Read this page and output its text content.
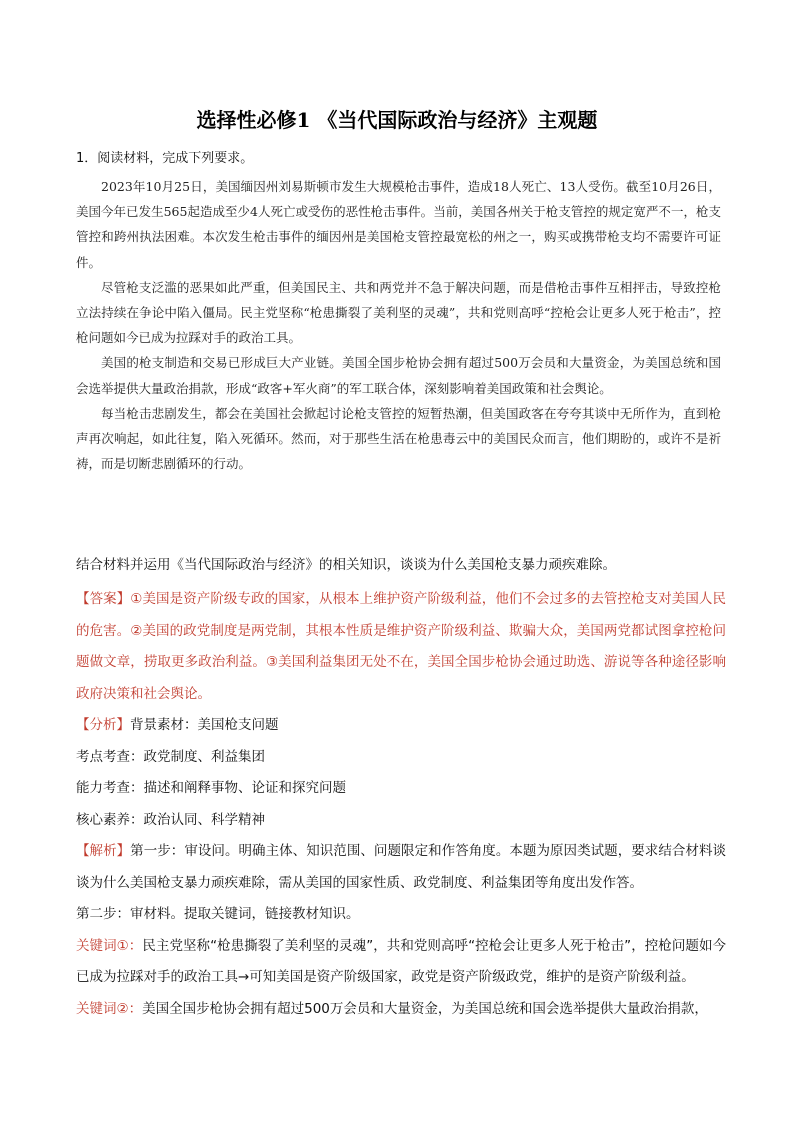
选择性必修1 《当代国际政治与经济》主观题
1．阅读材料，完成下列要求。

2023年10月25日，美国缅因州刘易斯顿市发生大规模枪击事件，造成18人死亡、13人受伤。截至10月26日，美国今年已发生565起造成至少4人死亡或受伤的恶性枪击事件。当前，美国各州关于枪支管控的规定宽严不一，枪支管控和跨州执法困难。本次发生枪击事件的缅因州是美国枪支管控最宽松的州之一，购买或携带枪支均不需要许可证件。

尽管枪支泛滥的恶果如此严重，但美国民主、共和两党并不急于解决问题，而是借枪击事件互相抨击，导致控枪立法持续在争论中陷入僵局。民主党坚称“枪患撕裂了美利坚的灵魂”，共和党则高呼“控枪会让更多人死于枪击”，控枪问题如今已成为拉踩对手的政治工具。

美国的枪支制造和交易已形成巨大产业链。美国全国步枪协会拥有超过500万会员和大量资金，为美国总统和国会选举提供大量政治捐款，形成“政客+军火商”的军工联合体，深刻影响着美国政策和社会舆论。

每当枪击悲剧发生，都会在美国社会掀起讨论枪支管控的短暂热潮，但美国政客在夸夸其谈中无所作为，直到枪声再次响起，如此往复，陷入死循环。然而，对于那些生活在枪患毒云中的美国民众而言，他们期盼的，或许不是祈祷，而是切断悲剧循环的行动。

结合材料并运用《当代国际政治与经济》的相关知识，谈谈为什么美国枪支暴力顽疾难除。

【答案】①美国是资产阶级专政的国家，从根本上维护资产阶级利益，他们不会过多的去管控枪支对美国人民的危害。②美国的政党制度是两党制，其根本性质是维护资产阶级利益、欺骗大众，美国两党都试图拿控枪问题做文章，捞取更多政治利益。③美国利益集团无处不在，美国全国步枪协会通过助选、游说等各种途径影响政府决策和社会舆论。

【分析】背景素材：美国枪支问题

考点考查：政党制度、利益集团

能力考查：描述和阐释事物、论证和探究问题

核心素养：政治认同、科学精神

【解析】第一步：审设问。明确主体、知识范围、问题限定和作答角度。本题为原因类试题，要求结合材料谈谈为什么美国枪支暴力顽疾难除，需从美国的国家性质、政党制度、利益集团等角度出发作答。

第二步：审材料。提取关键词，链接教材知识。

关键词①：民主党坚称“枪患撕裂了美利坚的灵魂”，共和党则高呼“控枪会让更多人死于枪击”，控枪问题如今已成为拉踩对手的政治工具→可知美国是资产阶级国家，政党是资产阶级政党，维护的是资产阶级利益。

关键词②：美国全国步枪协会拥有超过500万会员和大量资金，为美国总统和国会选举提供大量政治捐款，
